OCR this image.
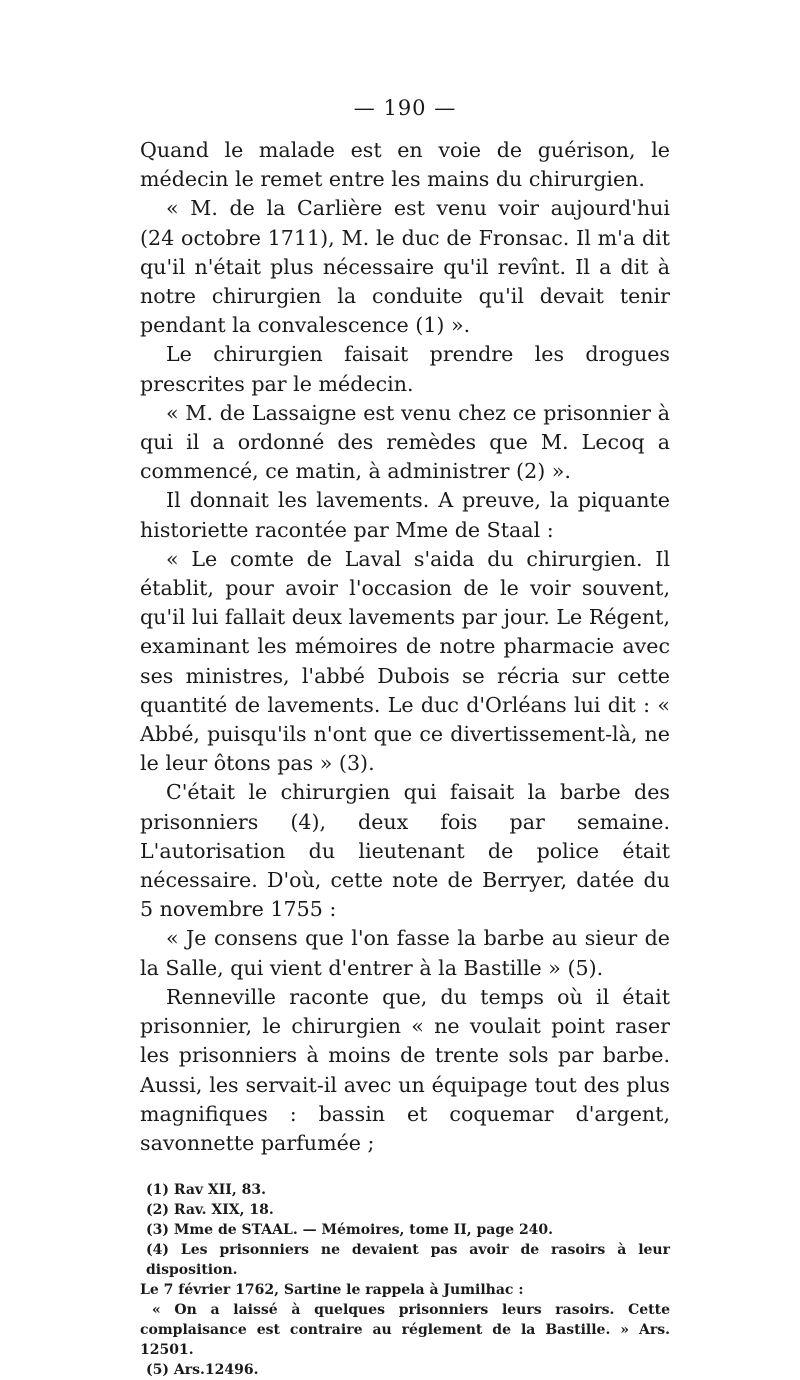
— 190 —

Quand le malade est en voie de guérison, le médecin le remet entre les mains du chirurgien.

« M. de la Carlière est venu voir aujourd'hui (24 octobre 1711), M. le duc de Fronsac. Il m'a dit qu'il n'était plus nécessaire qu'il revînt. Il a dit à notre chirurgien la conduite qu'il devait tenir pendant la convalescence (1) ».

Le chirurgien faisait prendre les drogues prescrites par le médecin.

« M. de Lassaigne est venu chez ce prisonnier à qui il a ordonné des remèdes que M. Lecoq a commencé, ce matin, à administrer (2) ».

Il donnait les lavements. A preuve, la piquante historiette racontée par Mme de Staal :

« Le comte de Laval s'aida du chirurgien. Il établit, pour avoir l'occasion de le voir souvent, qu'il lui fallait deux lavements par jour. Le Régent, examinant les mémoires de notre pharmacie avec ses ministres, l'abbé Dubois se récria sur cette quantité de lavements. Le duc d'Orléans lui dit : « Abbé, puisqu'ils n'ont que ce divertissement-là, ne le leur ôtons pas » (3).

C'était le chirurgien qui faisait la barbe des prisonniers (4), deux fois par semaine. L'autorisation du lieutenant de police était nécessaire. D'où, cette note de Berryer, datée du 5 novembre 1755 :

« Je consens que l'on fasse la barbe au sieur de la Salle, qui vient d'entrer à la Bastille » (5).

Renneville raconte que, du temps où il était prisonnier, le chirurgien « ne voulait point raser les prisonniers à moins de trente sols par barbe. Aussi, les servait-il avec un équipage tout des plus magnifiques : bassin et coquemar d'argent, savonnette parfumée ;

(1) Rav XII, 83.

(2) Rav. XIX, 18.

(3) Mme de STAAL. — Mémoires, tome II, page 240.

(4) Les prisonniers ne devaient pas avoir de rasoirs à leur disposition.

Le 7 février 1762, Sartine le rappela à Jumilhac :

« On a laissé à quelques prisonniers leurs rasoirs. Cette complaisance est contraire au réglement de la Bastille. » Ars. 12501.

(5) Ars.12496.
